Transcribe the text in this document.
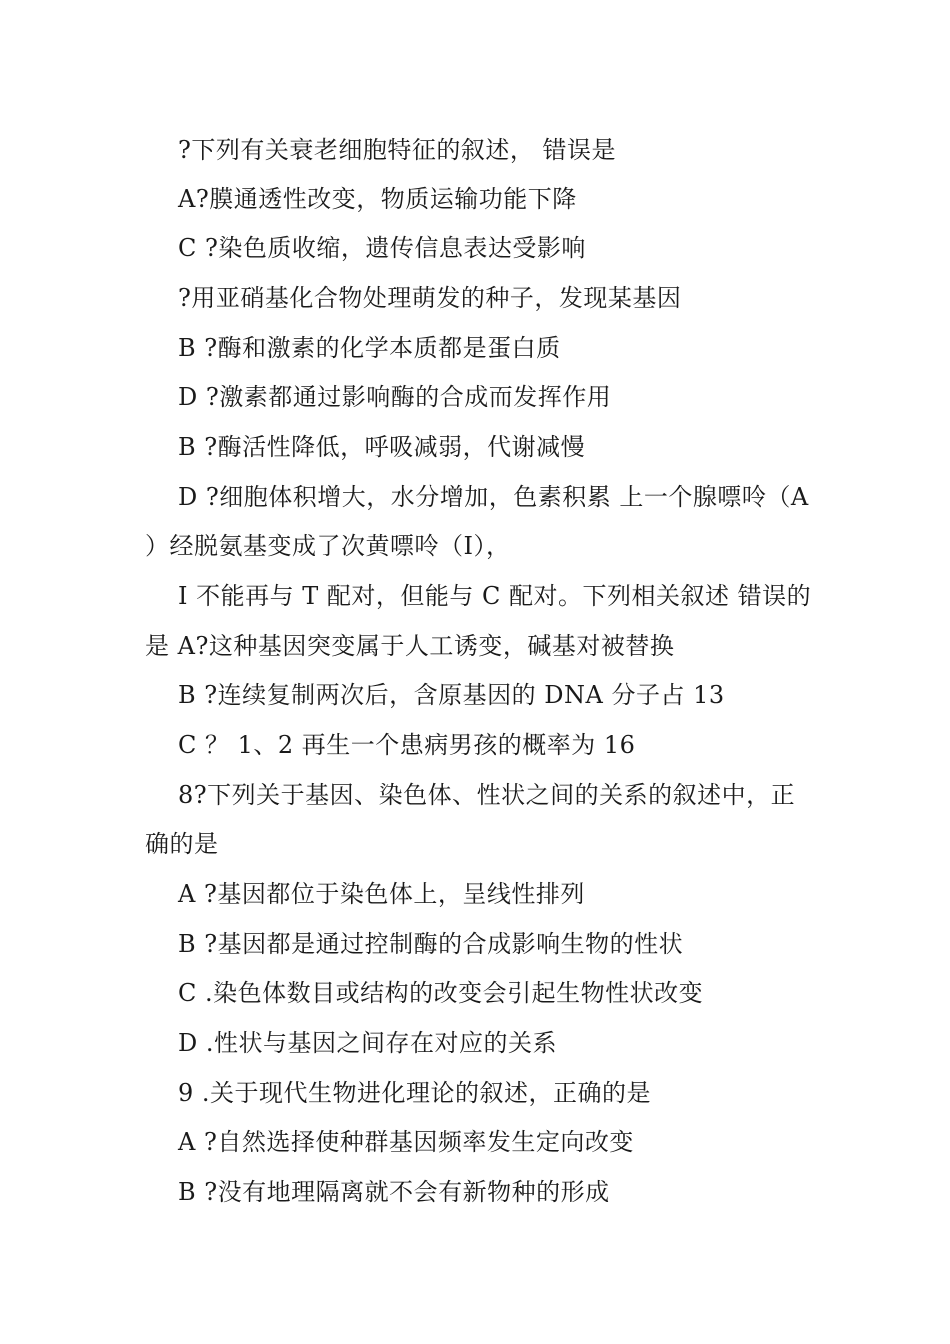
?下列有关衰老细胞特征的叙述， 错误是
A?膜通透性改变，物质运输功能下降
C ?染色质收缩，遗传信息表达受影响
?用亚硝基化合物处理萌发的种子，发现某基因
B ?酶和激素的化学本质都是蛋白质
D ?激素都通过影响酶的合成而发挥作用
B ?酶活性降低，呼吸减弱，代谢减慢
D ?细胞体积增大，水分增加，色素积累 上一个腺嘌呤（A
）经脱氨基变成了次黄嘌呤（I），
I 不能再与 T 配对，但能与 C 配对。下列相关叙述 错误的
是 A?这种基因突变属于人工诱变，碱基对被替换
B ?连续复制两次后，含原基因的 DNA 分子占 13
C ？ 1、2 再生一个患病男孩的概率为 16
8?下列关于基因、染色体、性状之间的关系的叙述中，正
确的是
A ?基因都位于染色体上，呈线性排列
B ?基因都是通过控制酶的合成影响生物的性状
C .染色体数目或结构的改变会引起生物性状改变
D .性状与基因之间存在对应的关系
9 .关于现代生物进化理论的叙述，正确的是
A ?自然选择使种群基因频率发生定向改变
B ?没有地理隔离就不会有新物种的形成
